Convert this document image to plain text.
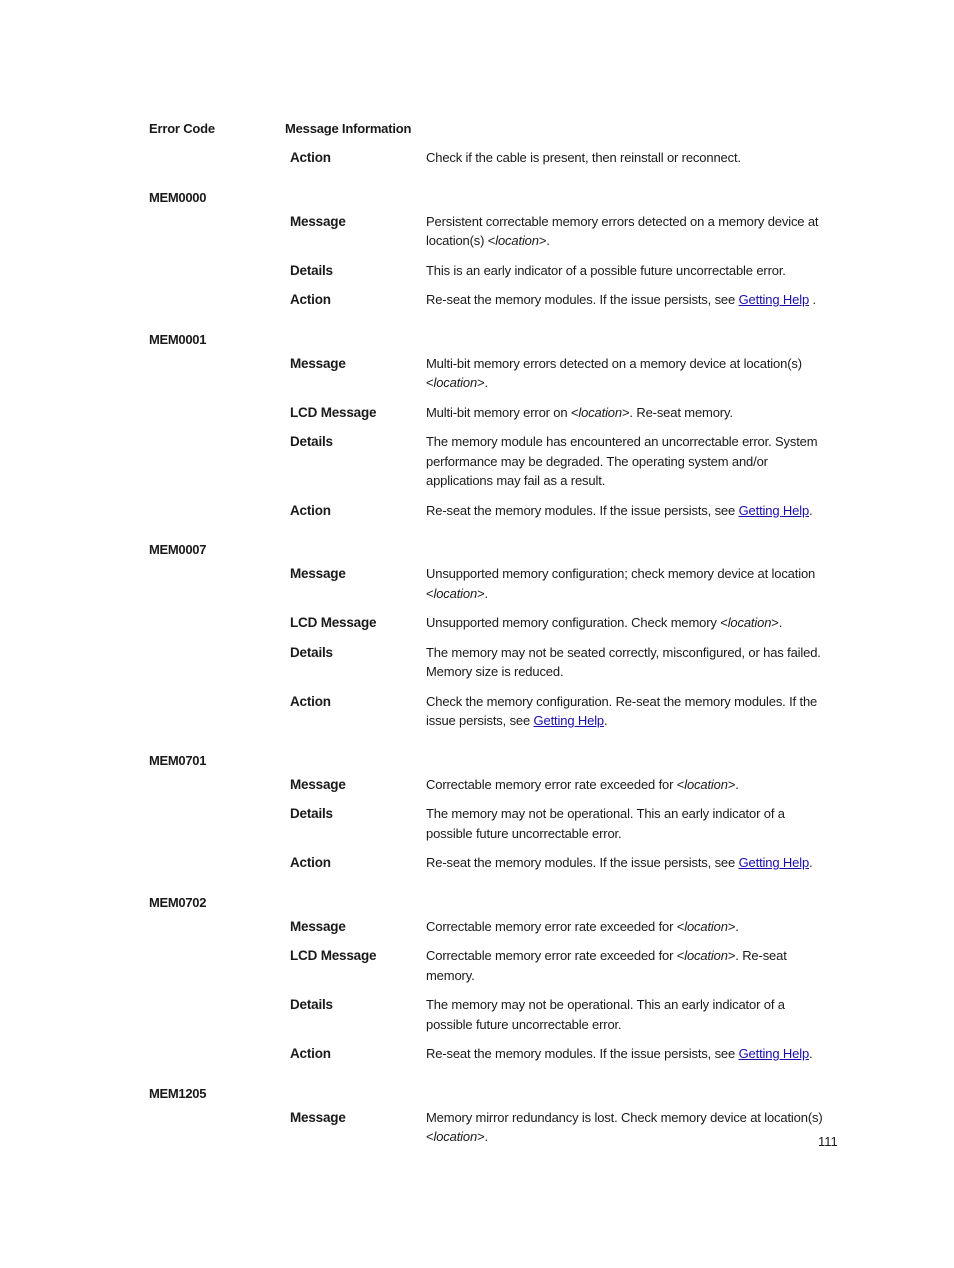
Error Code	Message Information
Action	Check if the cable is present, then reinstall or reconnect.
MEM0000
Message	Persistent correctable memory errors detected on a memory device at location(s) <location>.
Details	This is an early indicator of a possible future uncorrectable error.
Action	Re-seat the memory modules. If the issue persists, see Getting Help .
MEM0001
Message	Multi-bit memory errors detected on a memory device at location(s) <location>.
LCD Message	Multi-bit memory error on <location>. Re-seat memory.
Details	The memory module has encountered an uncorrectable error. System performance may be degraded. The operating system and/or applications may fail as a result.
Action	Re-seat the memory modules. If the issue persists, see Getting Help.
MEM0007
Message	Unsupported memory configuration; check memory device at location <location>.
LCD Message	Unsupported memory configuration. Check memory <location>.
Details	The memory may not be seated correctly, misconfigured, or has failed. Memory size is reduced.
Action	Check the memory configuration. Re-seat the memory modules. If the issue persists, see Getting Help.
MEM0701
Message	Correctable memory error rate exceeded for <location>.
Details	The memory may not be operational. This an early indicator of a possible future uncorrectable error.
Action	Re-seat the memory modules. If the issue persists, see Getting Help.
MEM0702
Message	Correctable memory error rate exceeded for <location>.
LCD Message	Correctable memory error rate exceeded for <location>. Re-seat memory.
Details	The memory may not be operational. This an early indicator of a possible future uncorrectable error.
Action	Re-seat the memory modules. If the issue persists, see Getting Help.
MEM1205
Message	Memory mirror redundancy is lost. Check memory device at location(s) <location>.	111
